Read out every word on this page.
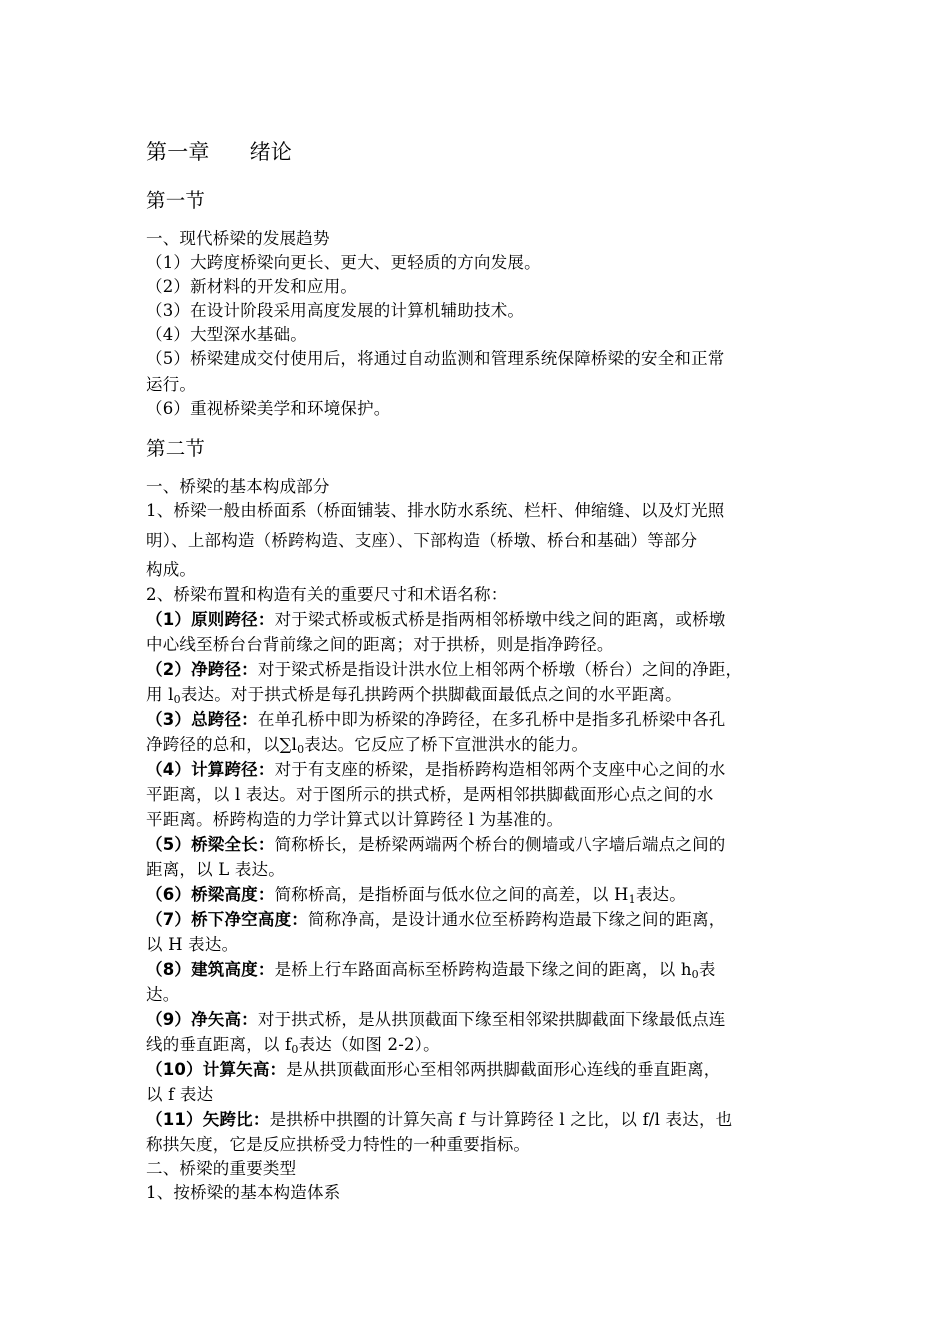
第一章 绪论
第一节
一、现代桥梁的发展趋势
（1）大跨度桥梁向更长、更大、更轻质的方向发展。
（2）新材料的开发和应用。
（3）在设计阶段采用高度发展的计算机辅助技术。
（4）大型深水基础。
（5）桥梁建成交付使用后，将通过自动监测和管理系统保障桥梁的安全和正常
运行。
（6）重视桥梁美学和环境保护。
第二节
一、桥梁的基本构成部分
1、桥梁一般由桥面系（桥面铺装、排水防水系统、栏杆、伸缩缝、以及灯光照
明）、上部构造（桥跨构造、支座）、下部构造（桥墩、桥台和基础）等部分
构成。
2、桥梁布置和构造有关的重要尺寸和术语名称：
（1）原则跨径：对于梁式桥或板式桥是指两相邻桥墩中线之间的距离，或桥墩
中心线至桥台台背前缘之间的距离；对于拱桥，则是指净跨径。
（2）净跨径：对于梁式桥是指设计洪水位上相邻两个桥墩（桥台）之间的净距，
用 $l_0$表达。对于拱式桥是每孔拱跨两个拱脚截面最低点之间的水平距离。
（3）总跨径：在单孔桥中即为桥梁的净跨径，在多孔桥中是指多孔桥梁中各孔
净跨径的总和，以$\sum l_0$表达。它反应了桥下宣泄洪水的能力。
（4）计算跨径：对于有支座的桥梁，是指桥跨构造相邻两个支座中心之间的水
平距离，以 l 表达。对于图所示的拱式桥，是两相邻拱脚截面形心点之间的水
平距离。桥跨构造的力学计算式以计算跨径 l 为基准的。
（5）桥梁全长：简称桥长，是桥梁两端两个桥台的侧墙或八字墙后端点之间的
距离，以 L 表达。
（6）桥梁高度：简称桥高，是指桥面与低水位之间的高差，以 $H_1$表达。
（7）桥下净空高度：简称净高，是设计通水位至桥跨构造最下缘之间的距离，
以 H 表达。
（8）建筑高度：是桥上行车路面高标至桥跨构造最下缘之间的距离，以 $h_0$表
达。
（9）净矢高：对于拱式桥，是从拱顶截面下缘至相邻梁拱脚截面下缘最低点连
线的垂直距离，以 $f_0$表达（如图 2-2）。
（10）计算矢高：是从拱顶截面形心至相邻两拱脚截面形心连线的垂直距离，
以 f 表达
（11）矢跨比：是拱桥中拱圈的计算矢高 f 与计算跨径 l 之比，以 f/l 表达，也
称拱矢度，它是反应拱桥受力特性的一种重要指标。
二、桥梁的重要类型
1、按桥梁的基本构造体系
